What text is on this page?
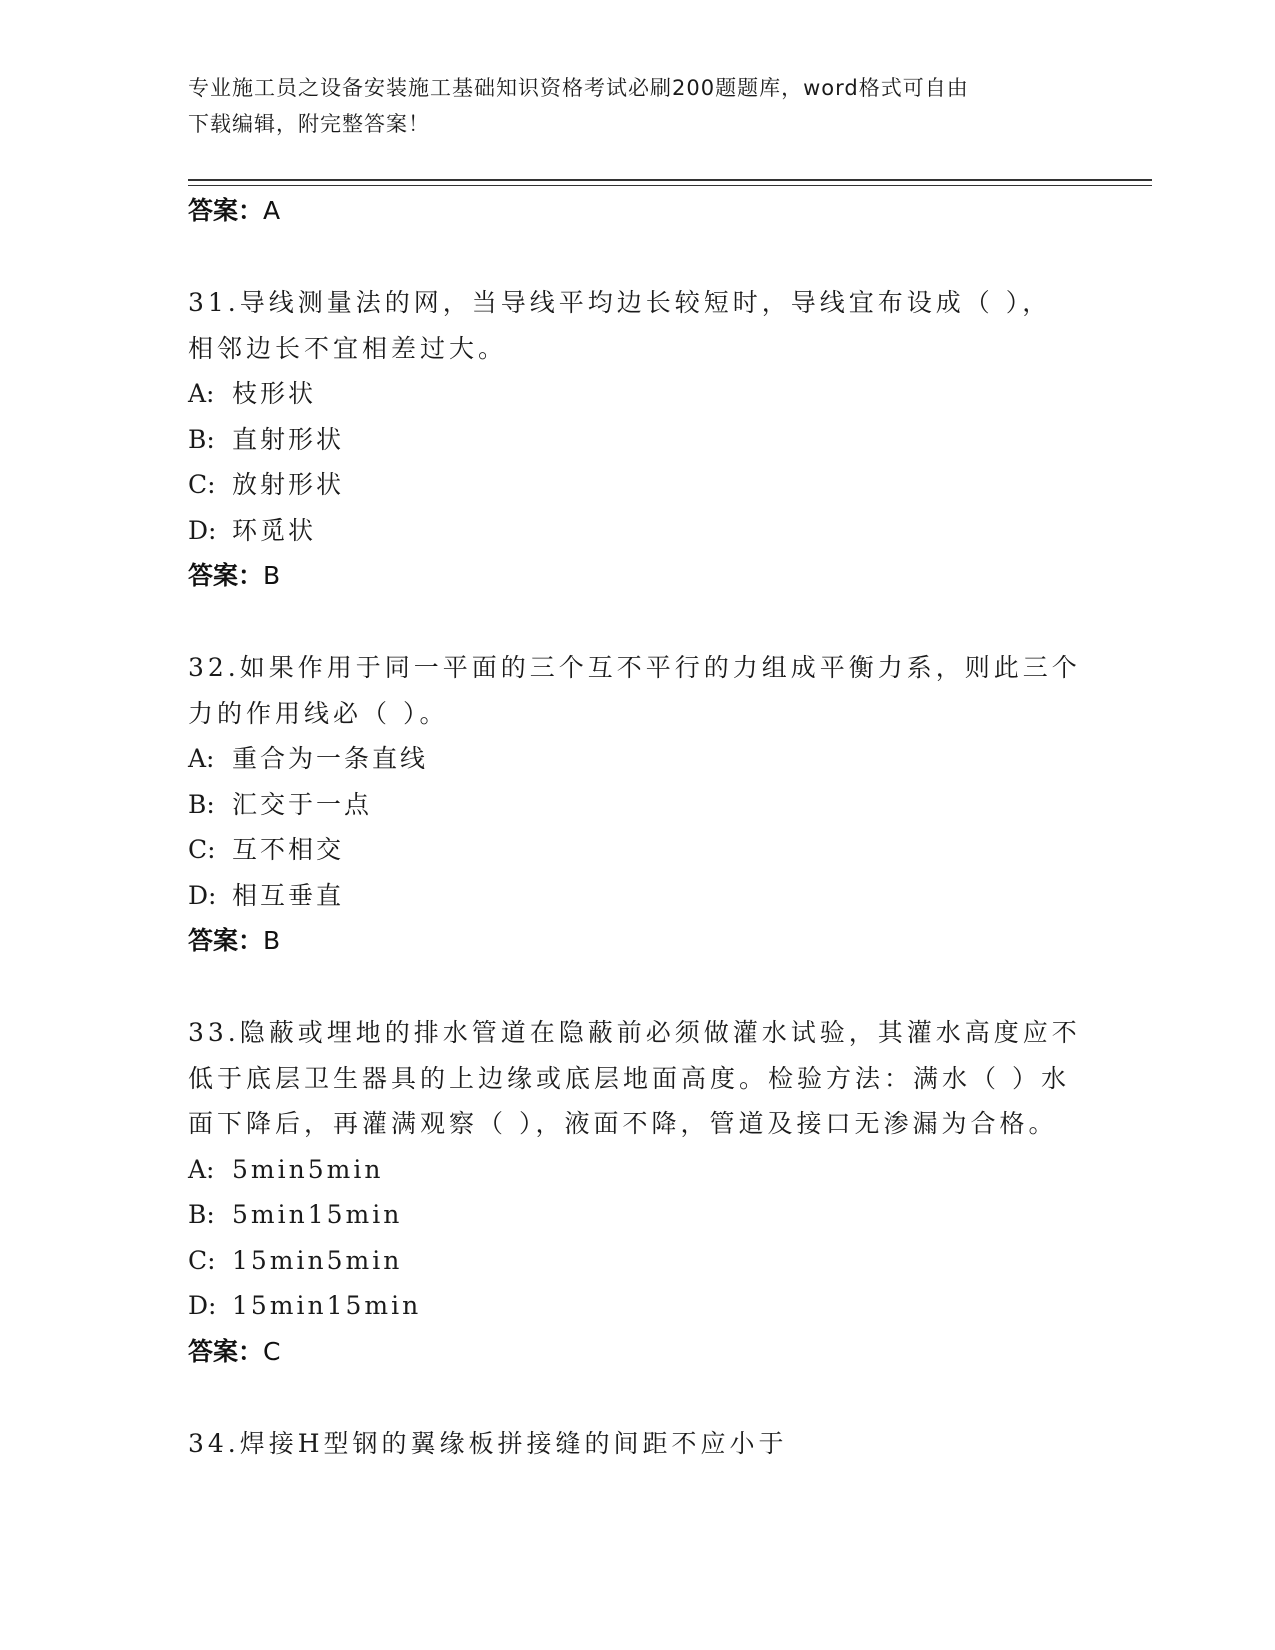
专业施工员之设备安装施工基础知识资格考试必刷200题题库，word格式可自由
下载编辑，附完整答案！
答案：A
31.导线测量法的网，当导线平均边长较短时，导线宜布设成（ ），
相邻边长不宜相差过大。
A: 枝形状
B: 直射形状
C: 放射形状
D: 环觅状
答案：B
32.如果作用于同一平面的三个互不平行的力组成平衡力系，则此三个
力的作用线必（ ）。
A: 重合为一条直线
B: 汇交于一点
C: 互不相交
D: 相互垂直
答案：B
33.隐蔽或埋地的排水管道在隐蔽前必须做灌水试验，其灌水高度应不
低于底层卫生器具的上边缘或底层地面高度。检验方法：满水（ ）水
面下降后，再灌满观察（ ），液面不降，管道及接口无渗漏为合格。
A: 5min5min
B: 5min15min
C: 15min5min
D: 15min15min
答案：C
34.焊接H型钢的翼缘板拼接缝的间距不应小于
